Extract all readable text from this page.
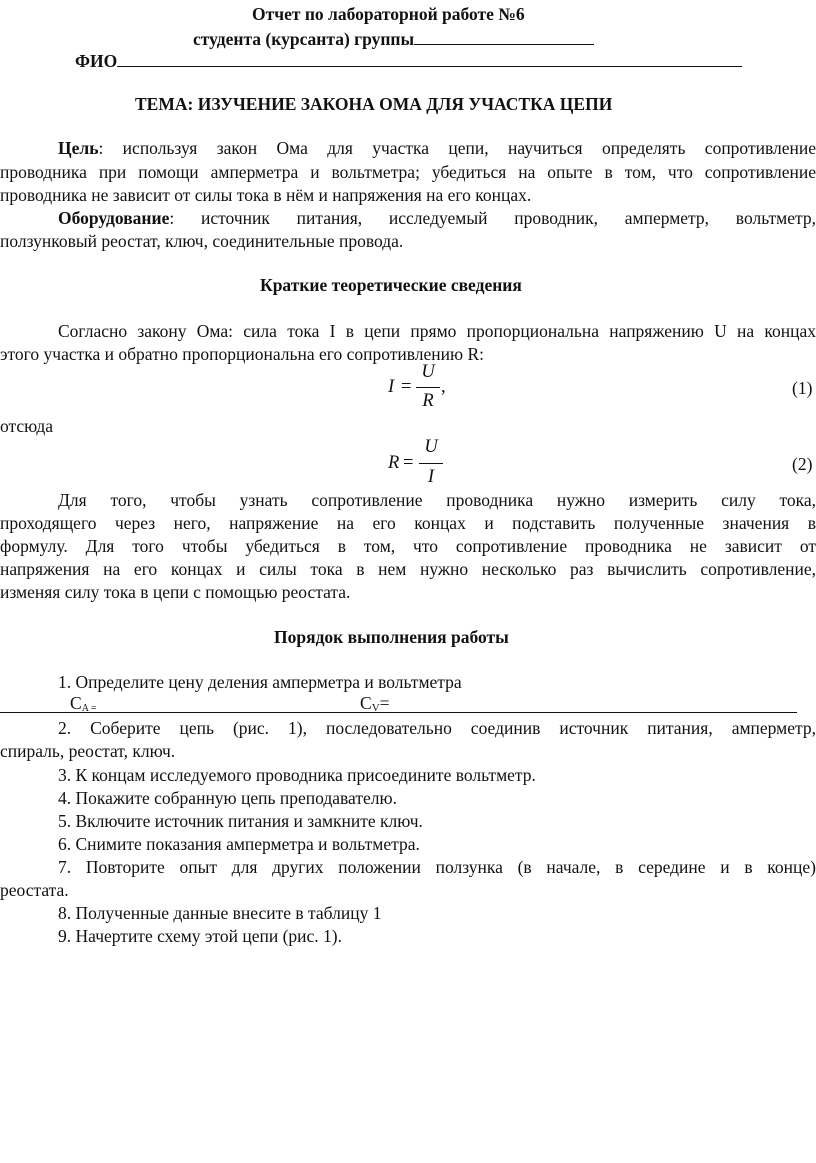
Отчет по лабораторной работе №6
студента (курсанта) группы
ФИО
ТЕМА: ИЗУЧЕНИЕ ЗАКОНА ОМА ДЛЯ УЧАСТКА ЦЕПИ
Цель: используя закон Ома для участка цепи, научиться определять сопротивление
проводника при помощи амперметра и вольтметра; убедиться на опыте в том, что сопротивление
проводника не зависит от силы тока в нём и напряжения на его концах.
Оборудование: источник питания, исследуемый проводник, амперметр, вольтметр,
ползунковый реостат, ключ, соединительные провода.
Краткие теоретические сведения
Согласно закону Ома: сила тока I в цепи прямо пропорциональна напряжению U на концах
этого участка и обратно пропорциональна его сопротивлению R:
I =
U
R
,	(1)
отсюда
R =
U
I
(2)
Для того, чтобы узнать сопротивление проводника нужно измерить силу тока,
проходящего через него, напряжение на его концах и подставить полученные значения в
формулу. Для того чтобы убедиться в том, что сопротивление проводника не зависит от
напряжения на его концах и силы тока в нем нужно несколько раз вычислить сопротивление,
изменяя силу тока в цепи с помощью реостата.
Порядок выполнения работы
1. Определите цену деления амперметра и вольтметра
$C_{A =}$	$C_V=$
2. Соберите цепь (рис. 1), последовательно соединив источник питания, амперметр,
спираль, реостат, ключ.
3. К концам исследуемого проводника присоедините вольтметр.
4. Покажите собранную цепь преподавателю.
5. Включите источник питания и замкните ключ.
6. Снимите показания амперметра и вольтметра.
7. Повторите опыт для других положении ползунка (в начале, в середине и в конце)
реостата.
8. Полученные данные внесите в таблицу 1
9. Начертите схему этой цепи (рис. 1).
